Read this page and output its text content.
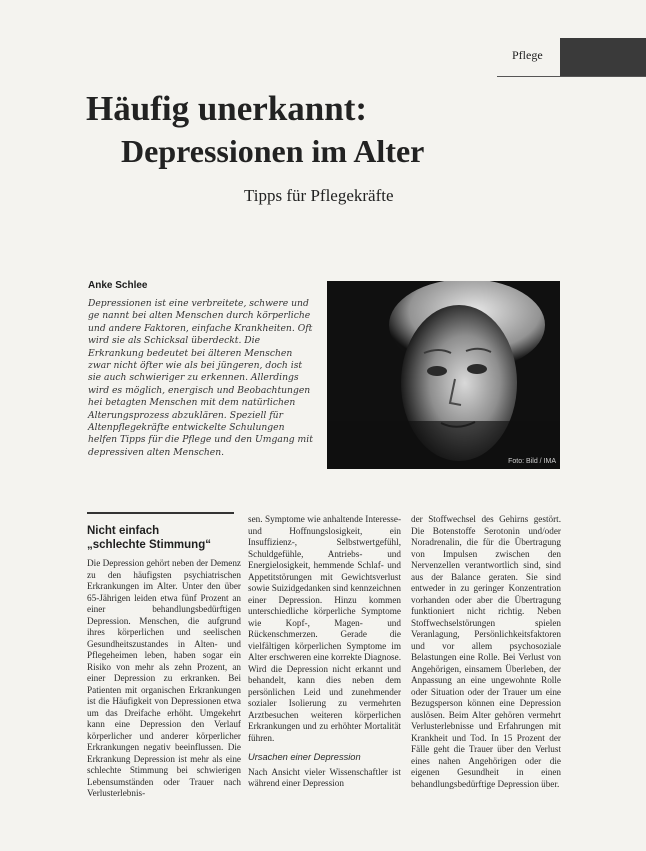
Pflege
Häufig unerkannt:
Depressionen im Alter
Tipps für Pflegekräfte
Anke Schlee
Depressionen ist eine verbreitete, schwere und ge nannt bei alten Menschen durch körperliche und andere Faktoren, einfache Krankheiten. Oft wird sie als Schicksal überdeckt. Die Erkrankung bedeutet bei älteren Menschen zwar nicht öfter wie als bei jüngeren, doch ist sie auch schwieriger zu erkennen. Allerdings wird es möglich, energisch und Beobachtungen hei betagten Menschen mit dem natürlichen Alterungsprozess abzuklären. Speziell für Altenpflegekräfte entwickelte Schulungen helfen Tipps für die Pflege und den Umgang mit depressiven alten Menschen.
Foto: Bild / IMA
Nicht einfach
„schlechte Stimmung“

Die Depression gehört neben der Demenz zu den häufigsten psychiatrischen Erkrankungen im Alter. Unter den über 65-Jährigen leiden etwa fünf Prozent an einer behandlungsbedürftigen Depression. Menschen, die aufgrund ihres körperlichen und seelischen Gesundheitszustandes in Alten- und Pflegeheimen leben, haben sogar ein Risiko von mehr als zehn Prozent, an einer Depression zu erkranken. Bei Patienten mit organischen Erkrankungen ist die Häufigkeit von Depressionen etwa um das Dreifache erhöht. Umgekehrt kann eine Depression den Verlauf körperlicher und anderer körperlicher Erkrankungen negativ beeinflussen. Die Erkrankung Depression ist mehr als eine schlechte Stimmung bei schwierigen Lebensumständen oder Trauer nach Verlusterlebnis-

sen. Symptome wie anhaltende Interesse- und Hoffnungslosigkeit, ein Insuffizienz-, Selbstwertgefühl, Schuldgefühle, Antriebs- und Energielosigkeit, hemmende Schlaf- und Appetitstörungen mit Gewichtsverlust sowie Suizidgedanken sind kennzeichnen einer Depression. Hinzu kommen unterschiedliche körperliche Symptome wie Kopf-, Magen- und Rückenschmerzen. Gerade die vielfältigen körperlichen Symptome im Alter erschweren eine korrekte Diagnose. Wird die Depression nicht erkannt und behandelt, kann dies neben dem persönlichen Leid und zunehmender sozialer Isolierung zu vermehrten Arztbesuchen weiteren körperlichen Erkrankungen und zu erhöhter Mortalität führen.

Ursachen einer Depression

Nach Ansicht vieler Wissenschaftler ist während einer Depression

der Stoffwechsel des Gehirns gestört. Die Botenstoffe Serotonin und/oder Noradrenalin, die für die Übertragung von Impulsen zwischen den Nervenzellen verantwortlich sind, sind aus der Balance geraten. Sie sind entweder in zu geringer Konzentration vorhanden oder aber die Übertragung funktioniert nicht richtig. Neben Stoffwechselstörungen spielen Veranlagung, Persönlichkeitsfaktoren und vor allem psychosoziale Belastungen eine Rolle. Bei Verlust von Angehörigen, einsamem Überleben, der Anpassung an eine ungewohnte Rolle oder Situation oder der Trauer um eine Bezugsperson können eine Depression auslösen. Beim Alter gehören vermehrt Verlusterlebnisse und Erfahrungen mit Krankheit und Tod. In 15 Prozent der Fälle geht die Trauer über den Verlust eines nahen Angehörigen oder die eigenen Gesundheit in einen behandlungsbedürftige Depression über.
